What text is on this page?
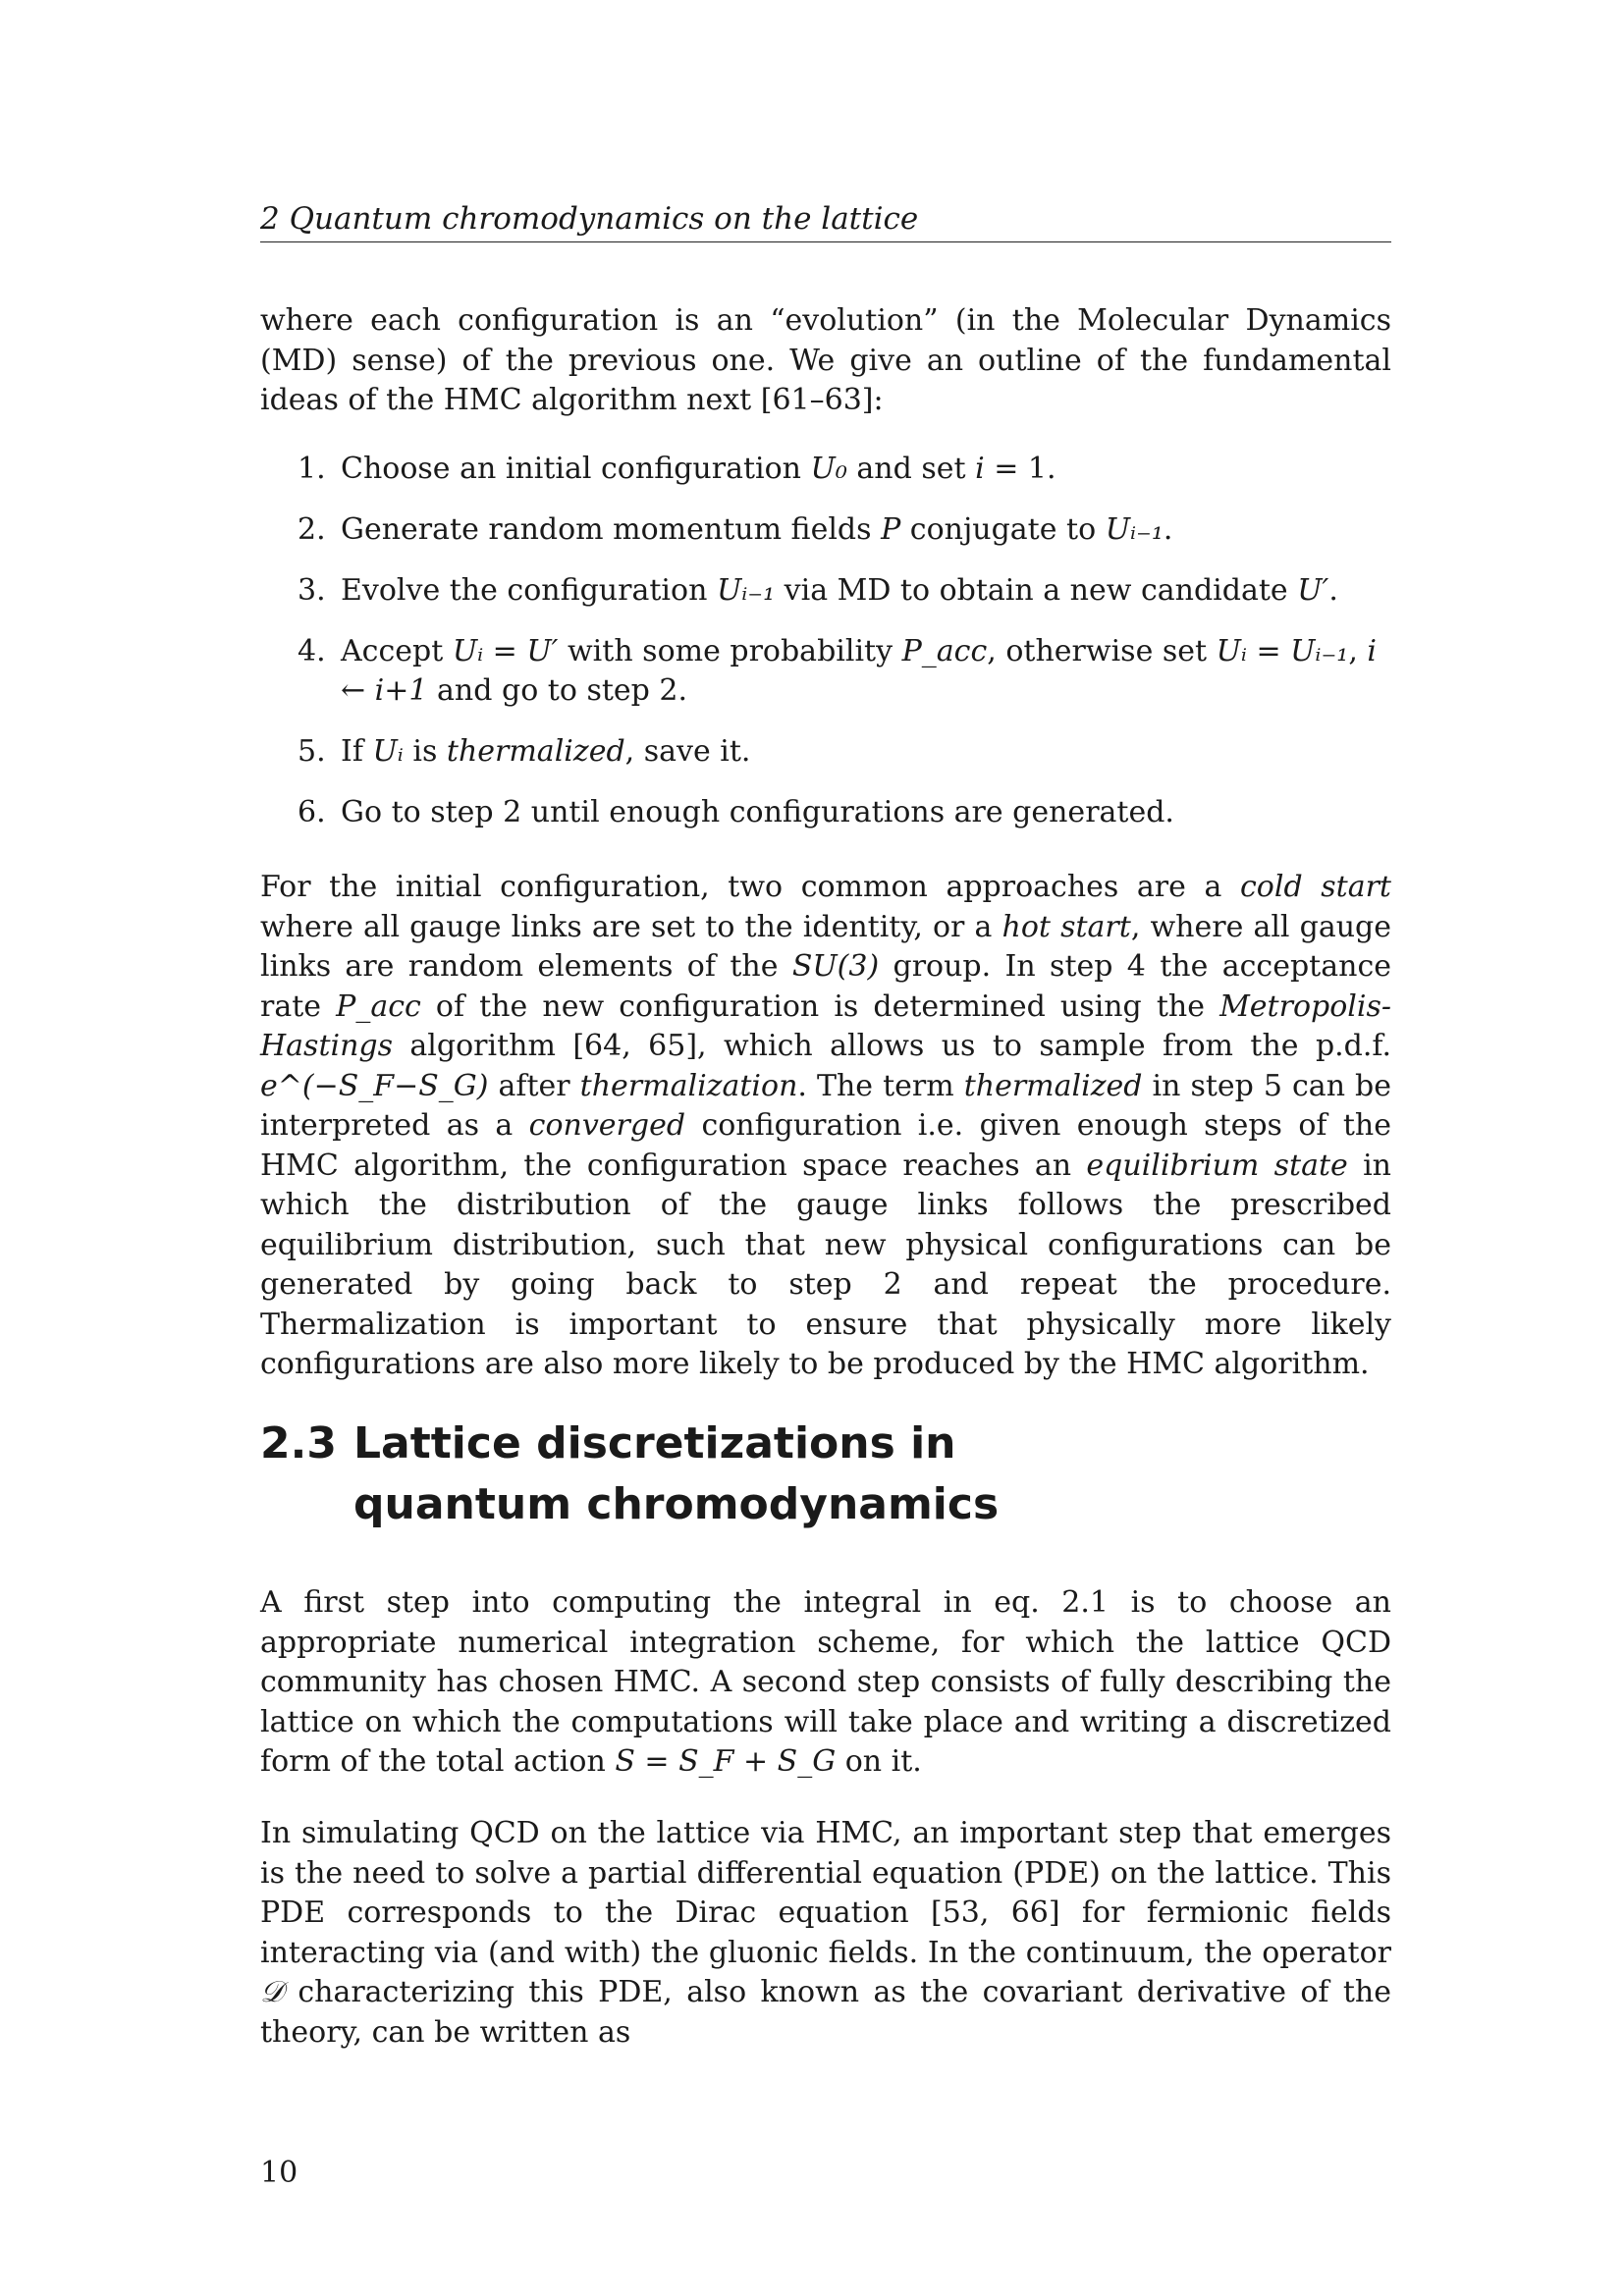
2 Quantum chromodynamics on the lattice

where each configuration is an “evolution” (in the Molecular Dynamics (MD) sense) of the previous one. We give an outline of the fundamental ideas of the HMC algorithm next [61–63]:

1. Choose an initial configuration U₀ and set i = 1.
2. Generate random momentum fields P conjugate to Uᵢ₋₁.
3. Evolve the configuration Uᵢ₋₁ via MD to obtain a new candidate U′.
4. Accept Uᵢ = U′ with some probability P_acc, otherwise set Uᵢ = Uᵢ₋₁, i ← i+1 and go to step 2.
5. If Uᵢ is thermalized, save it.
6. Go to step 2 until enough configurations are generated.

For the initial configuration, two common approaches are a cold start where all gauge links are set to the identity, or a hot start, where all gauge links are random elements of the SU(3) group. In step 4 the acceptance rate P_acc of the new configuration is determined using the Metropolis-Hastings algorithm [64, 65], which allows us to sample from the p.d.f. e^(−S_F−S_G) after thermalization. The term thermalized in step 5 can be interpreted as a converged configuration i.e. given enough steps of the HMC algorithm, the configuration space reaches an equilibrium state in which the distribution of the gauge links follows the prescribed equilibrium distribution, such that new physical configurations can be generated by going back to step 2 and repeat the procedure. Thermalization is important to ensure that physically more likely configurations are also more likely to be produced by the HMC algorithm.

2.3 Lattice discretizations in quantum chromodynamics

A first step into computing the integral in eq. 2.1 is to choose an appropriate numerical integration scheme, for which the lattice QCD community has chosen HMC. A second step consists of fully describing the lattice on which the computations will take place and writing a discretized form of the total action S = S_F + S_G on it.

In simulating QCD on the lattice via HMC, an important step that emerges is the need to solve a partial differential equation (PDE) on the lattice. This PDE corresponds to the Dirac equation [53, 66] for fermionic fields interacting via (and with) the gluonic fields. In the continuum, the operator 𝒟 characterizing this PDE, also known as the covariant derivative of the theory, can be written as

10
